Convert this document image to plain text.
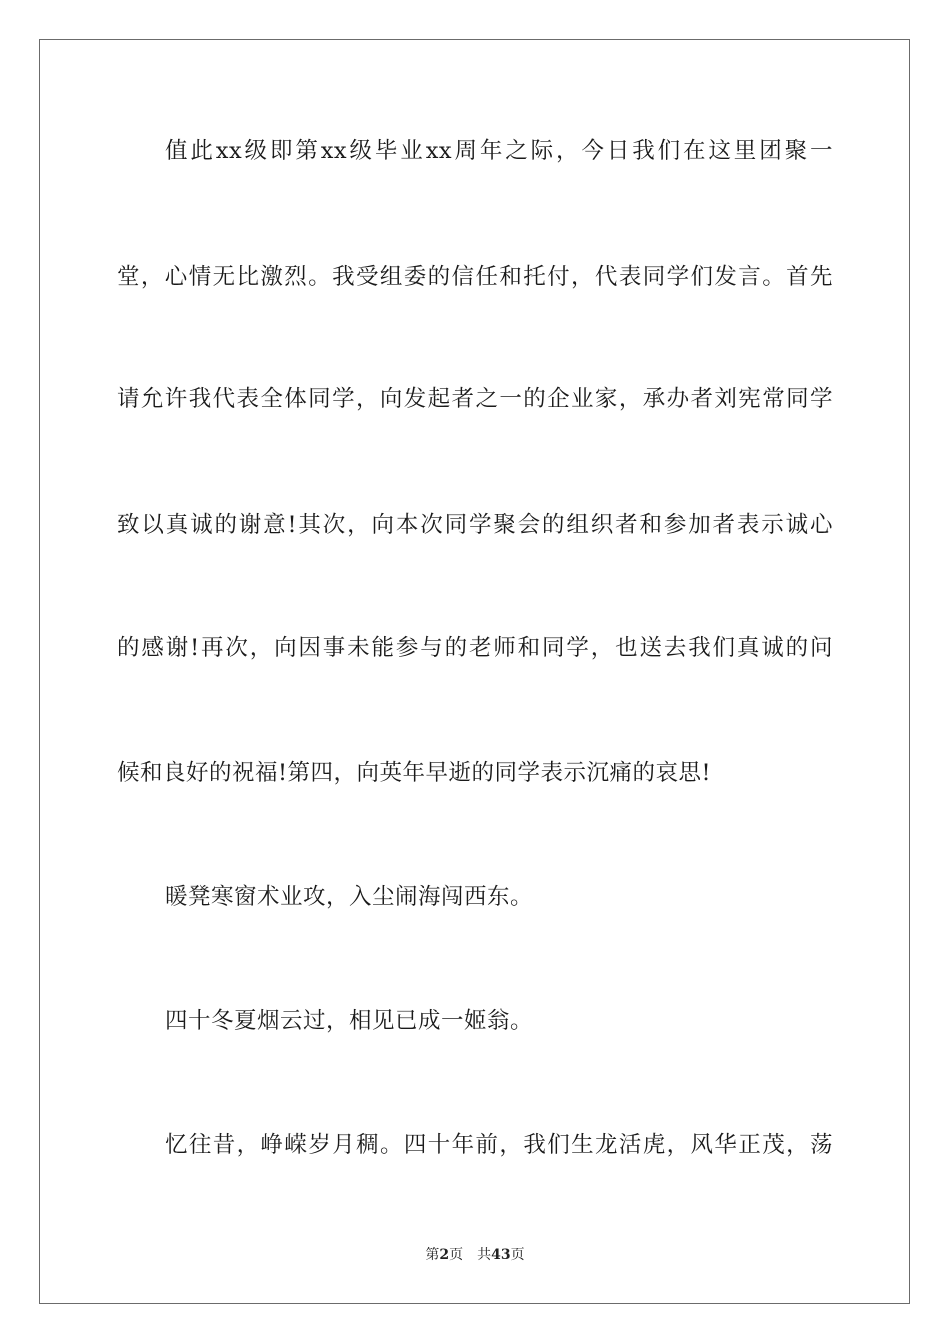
值此xx级即第xx级毕业xx周年之际，今日我们在这里团聚一
堂，心情无比激烈。我受组委的信任和托付，代表同学们发言。首先
请允许我代表全体同学，向发起者之一的企业家，承办者刘宪常同学
致以真诚的谢意!其次，向本次同学聚会的组织者和参加者表示诚心
的感谢!再次，向因事未能参与的老师和同学，也送去我们真诚的问
候和良好的祝福!第四，向英年早逝的同学表示沉痛的哀思!
暖凳寒窗术业攻，入尘闹海闯西东。
四十冬夏烟云过，相见已成一姬翁。
忆往昔，峥嵘岁月稠。四十年前，我们生龙活虎，风华正茂，荡
第2页 共43页
